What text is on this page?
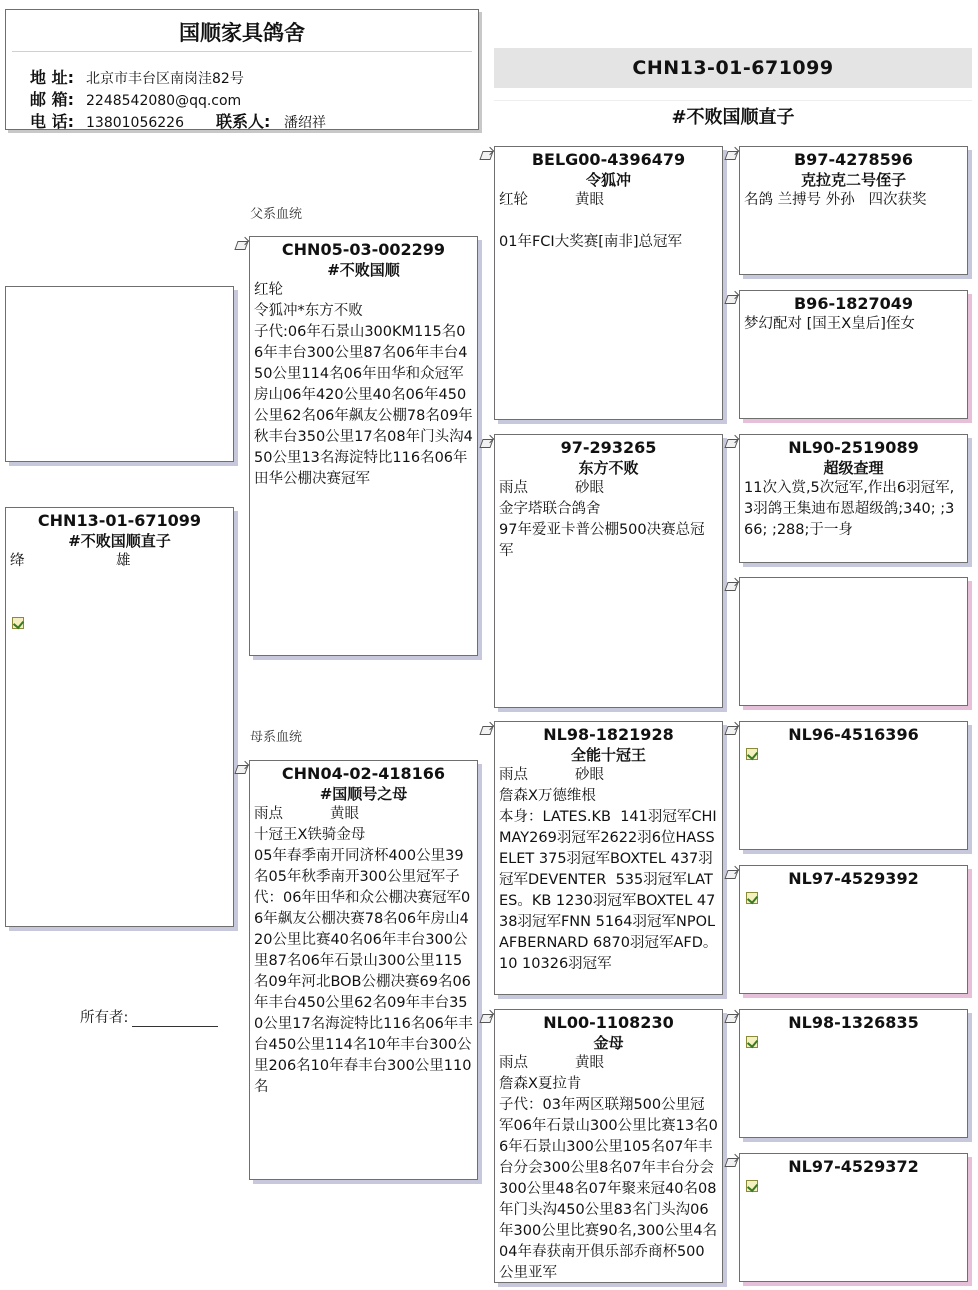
国顺家具鸽舍
地 址: 北京市丰台区南岗洼82号
邮 箱: 2248542080@qq.com
电 话: 13801056226 联系人: 潘绍祥
CHN13-01-671099
#不败国顺直子
父系血统
母系血统
CHN13-01-671099
#不败国顺直子
绛	雄
所有者:
CHN05-03-002299
#不败国顺
红轮
令狐冲*东方不败
子代:06年石景山300KM115名06年丰台300公里87名06年丰台450公里114名06年田华和众冠军房山06年420公里40名06年450公里62名06年飙友公棚78名09年秋丰台350公里17名08年门头沟450公里13名海淀特比116名06年田华公棚决赛冠军
CHN04-02-418166
#国顺号之母
雨点	黄眼
十冠王X铁骑金母
05年春季南开同济杯400公里39名05年秋季南开300公里冠军子代：06年田华和众公棚决赛冠军06年飙友公棚决赛78名06年房山420公里比赛40名06年丰台300公里87名06年石景山300公里115名09年河北BOB公棚决赛69名06年丰台450公里62名09年丰台350公里17名海淀特比116名06年丰台450公里114名10年丰台300公里206名10年春丰台300公里110名
BELG00-4396479
令狐冲
红轮	黄眼
01年FCI大奖赛[南非]总冠军
97-293265
东方不败
雨点	砂眼
金字塔联合鸽舍
97年爱亚卡普公棚500决赛总冠军
NL98-1821928
全能十冠王
雨点	砂眼
詹森X万德维根
本身：LATES.KB  141羽冠军CHIMAY269羽冠军2622羽6位HASSELET 375羽冠军BOXTEL 437羽冠军DEVENTER  535羽冠军LATES。KB 1230羽冠军BOXTEL 4738羽冠军FNN 5164羽冠军NPOLAFBERNARD 6870羽冠军AFD。10 10326羽冠军
NL00-1108230
金母
雨点	黄眼
詹森X夏拉肯
子代：03年两区联翔500公里冠军06年石景山300公里比赛13名06年石景山300公里105名07年丰台分会300公里8名07年丰台分会300公里48名07年聚来冠40名08年门头沟450公里83名门头沟06年300公里比赛90名,300公里4名04年春获南开俱乐部乔商杯500公里亚军
B97-4278596
克拉克二号侄子
名鸽 兰搏号 外孙   四次获奖
B96-1827049
梦幻配对 [国王X皇后]侄女
NL90-2519089
超级查理
11次入赏,5次冠军,作出6羽冠军,3羽鸽王集迪布恩超级鸽;340; ;366; ;288;于一身
NL96-4516396
NL97-4529392
NL98-1326835
NL97-4529372
